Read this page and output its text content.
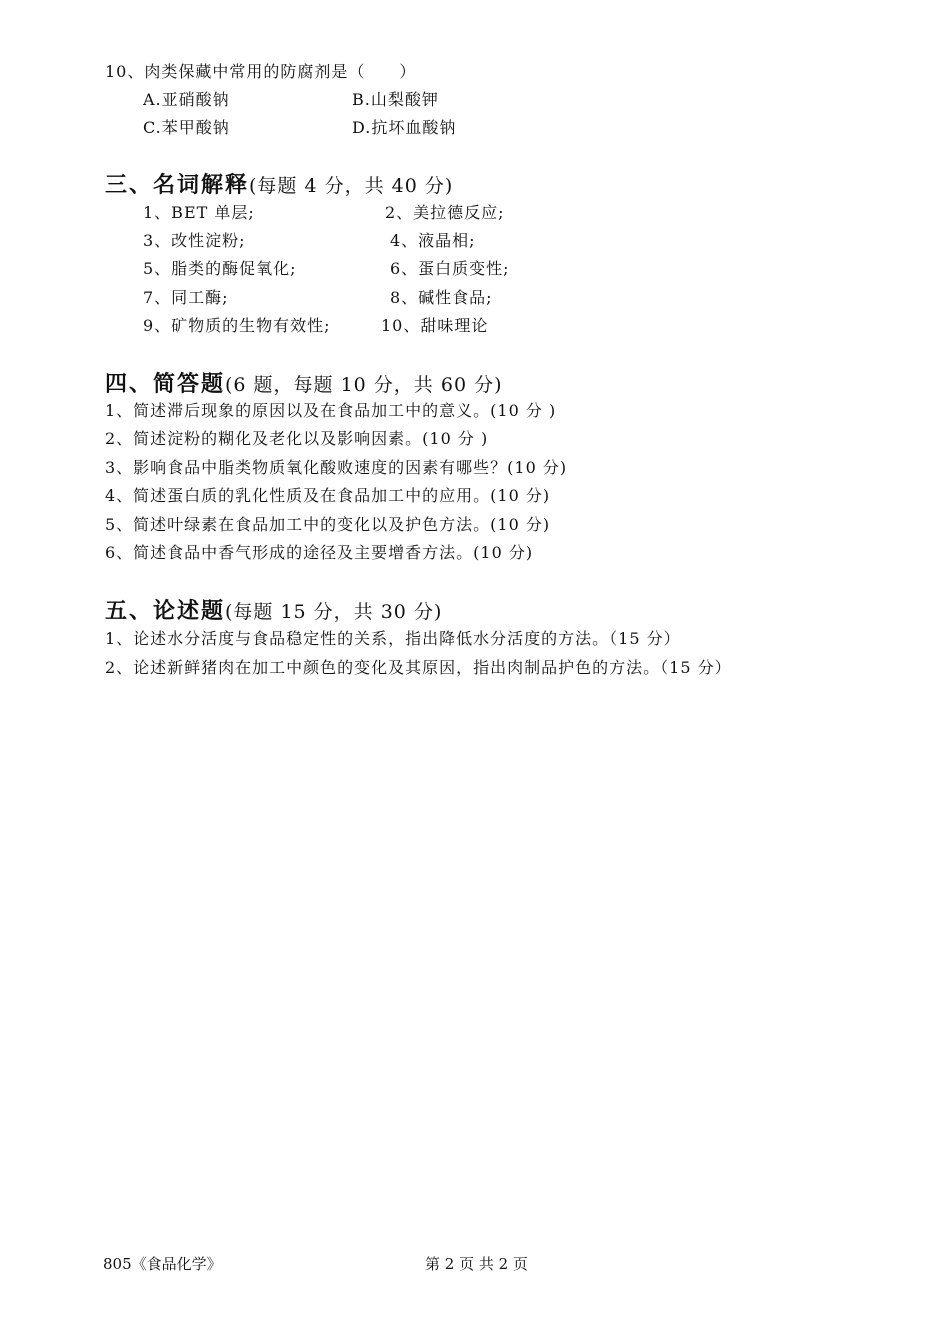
10、肉类保藏中常用的防腐剂是（　　）
A.亚硝酸钠	B.山梨酸钾
C.苯甲酸钠	D.抗坏血酸钠
三、名词解释(每题 4 分，共 40 分)
1、BET 单层;	2、美拉德反应;
3、改性淀粉;	4、液晶相;
5、脂类的酶促氧化;	6、蛋白质变性;
7、同工酶;	8、碱性食品;
9、矿物质的生物有效性;	10、甜味理论
四、简答题(6 题，每题 10 分，共 60 分)
1、简述滞后现象的原因以及在食品加工中的意义。(10 分 )
2、简述淀粉的糊化及老化以及影响因素。(10 分 )
3、影响食品中脂类物质氧化酸败速度的因素有哪些？(10 分)
4、简述蛋白质的乳化性质及在食品加工中的应用。(10 分)
5、简述叶绿素在食品加工中的变化以及护色方法。(10 分)
6、简述食品中香气形成的途径及主要增香方法。(10 分)
五、论述题(每题 15 分，共 30 分)
1、论述水分活度与食品稳定性的关系，指出降低水分活度的方法。（15 分）
2、论述新鲜猪肉在加工中颜色的变化及其原因，指出肉制品护色的方法。（15 分）
805《食品化学》	第 2 页 共 2 页
